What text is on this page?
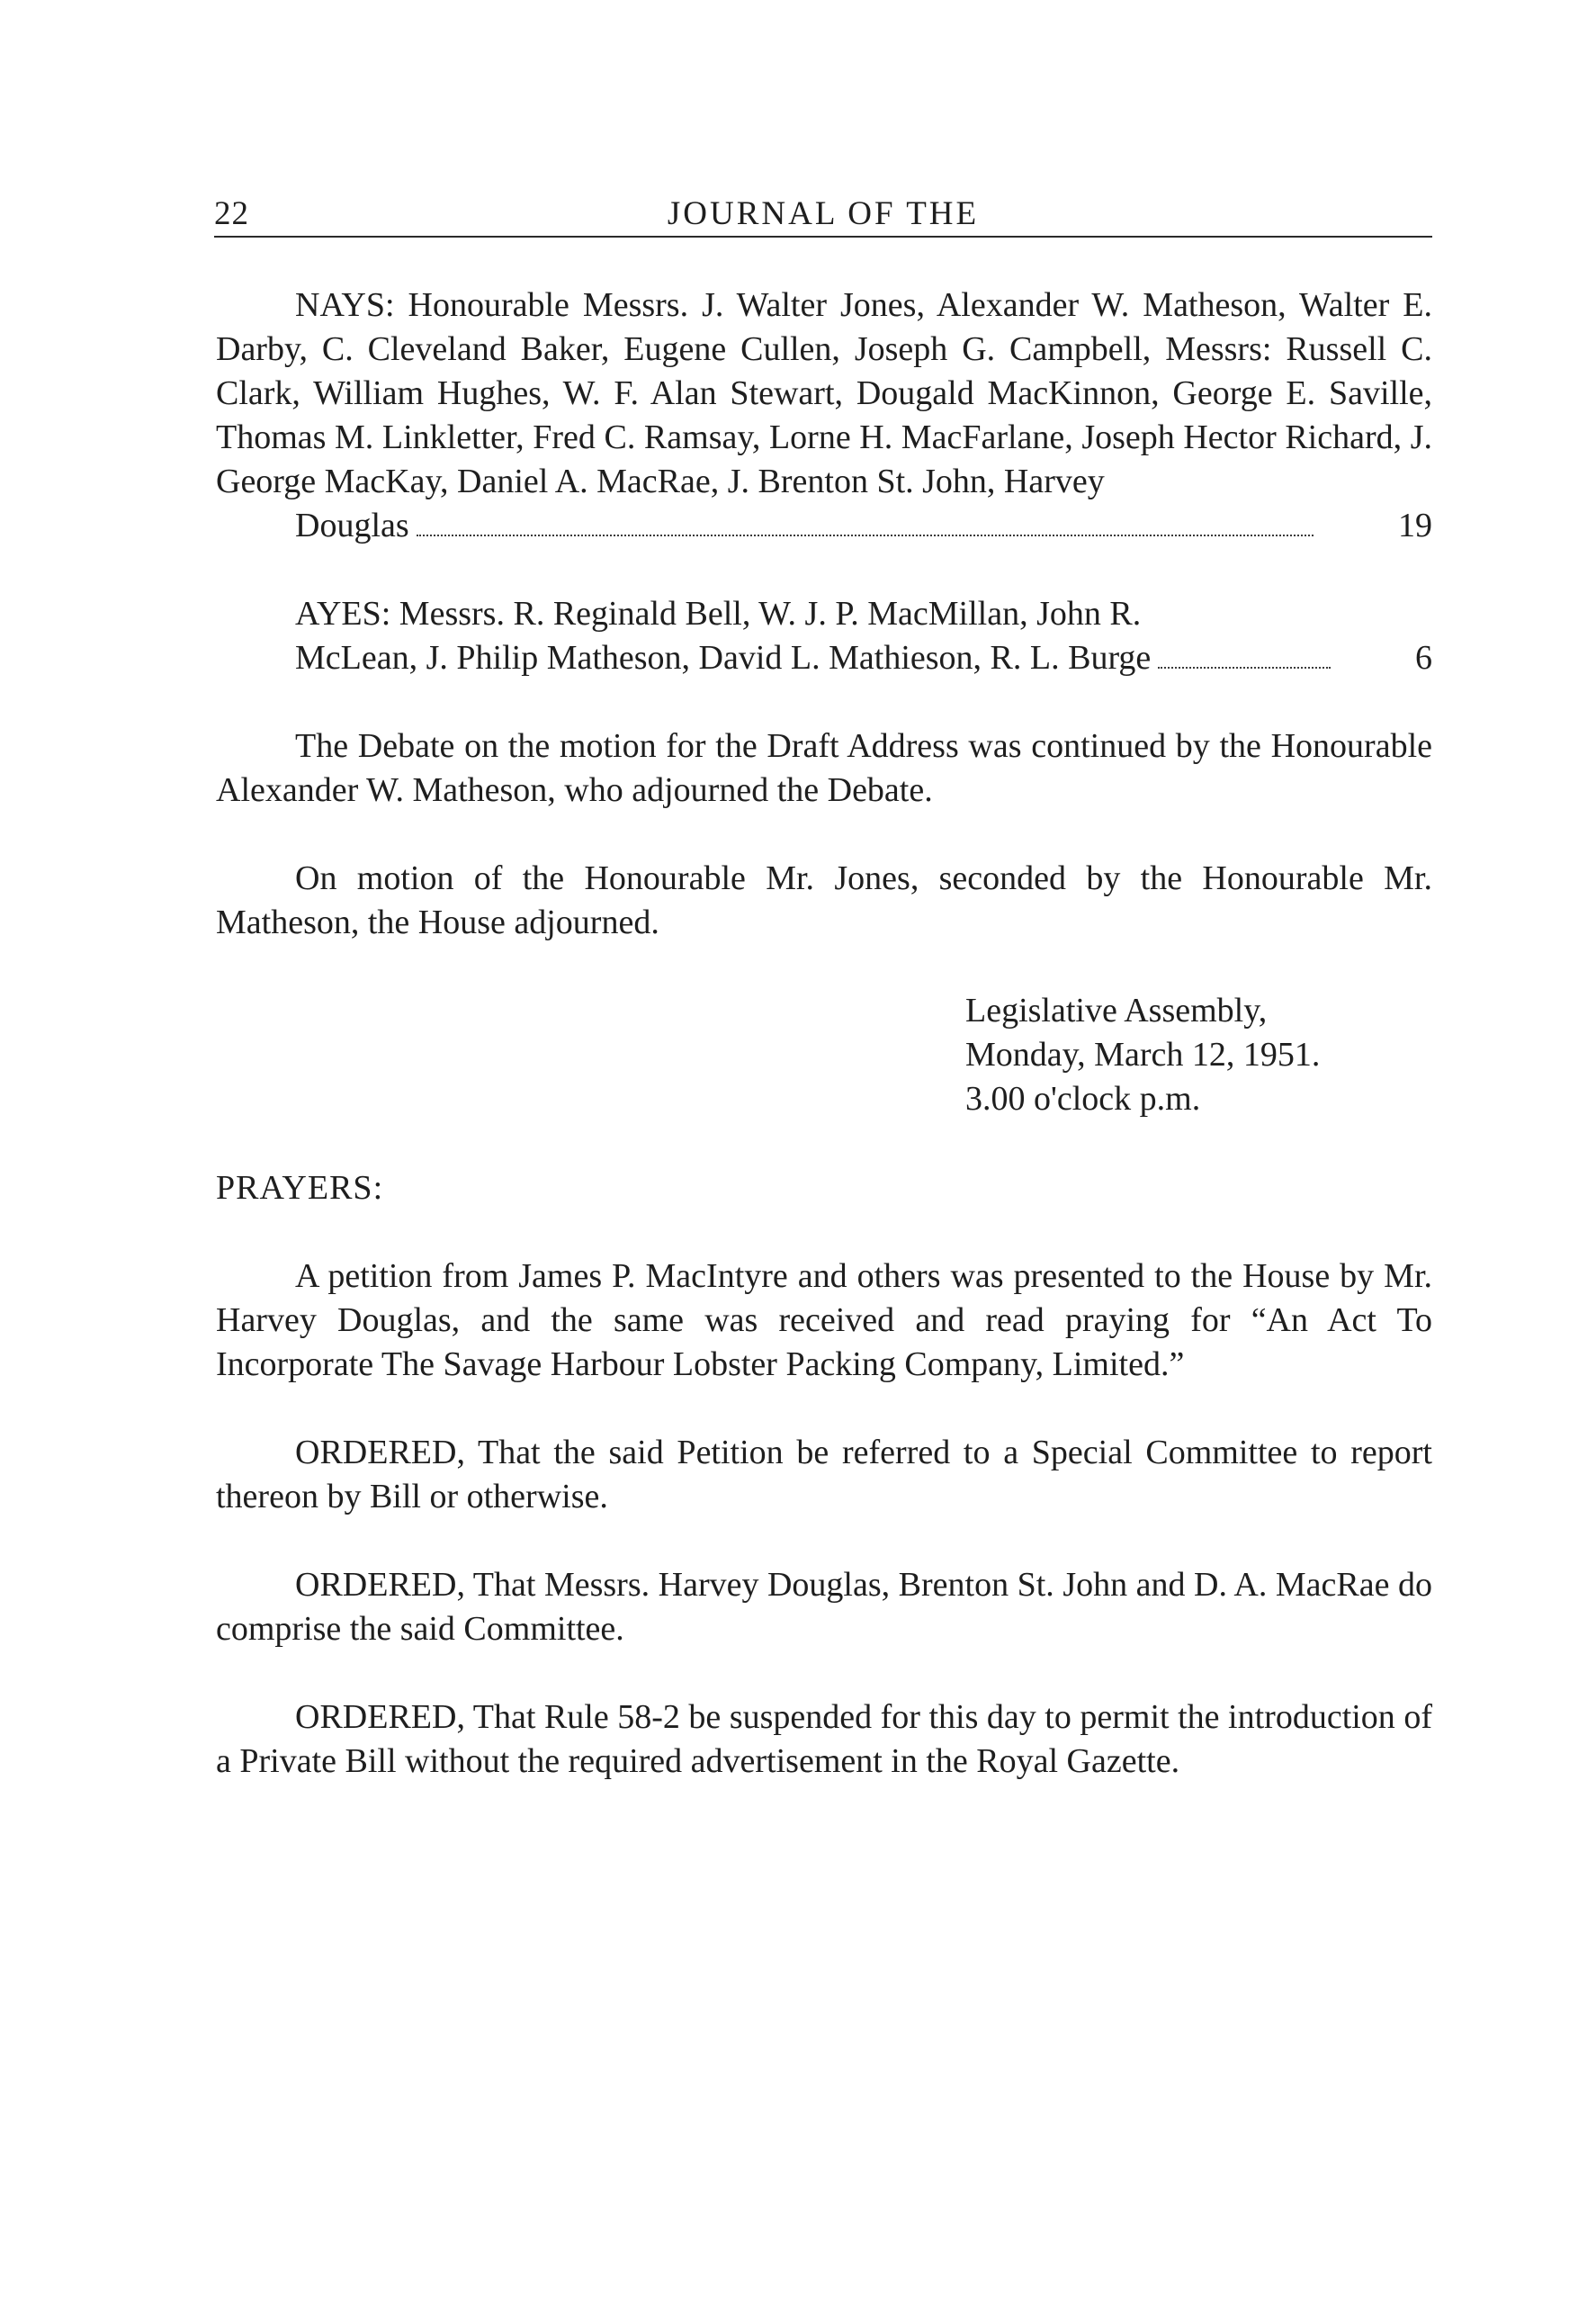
22	JOURNAL OF THE

NAYS: Honourable Messrs. J. Walter Jones, Alexander W. Matheson, Walter E. Darby, C. Cleveland Baker, Eugene Cullen, Joseph G. Campbell, Messrs: Russell C. Clark, William Hughes, W. F. Alan Stewart, Dougald MacKinnon, George E. Saville, Thomas M. Linkletter, Fred C. Ramsay, Lorne H. MacFarlane, Joseph Hector Richard, J. George MacKay, Daniel A. MacRae, J. Brenton St. John, Harvey

Douglas	19

AYES: Messrs. R. Reginald Bell, W. J. P. MacMillan, John R.

McLean, J. Philip Matheson, David L. Mathieson, R. L. Burge	6

The Debate on the motion for the Draft Address was continued by the Honourable Alexander W. Matheson, who adjourned the Debate.

On motion of the Honourable Mr. Jones, seconded by the Honourable Mr. Matheson, the House adjourned.

Legislative Assembly,
Monday, March 12, 1951.
3.00 o'clock p.m.

PRAYERS:

A petition from James P. MacIntyre and others was presented to the House by Mr. Harvey Douglas, and the same was received and read praying for “An Act To Incorporate The Savage Harbour Lobster Packing Company, Limited.”

ORDERED, That the said Petition be referred to a Special Committee to report thereon by Bill or otherwise.

ORDERED, That Messrs. Harvey Douglas, Brenton St. John and D. A. MacRae do comprise the said Committee.

ORDERED, That Rule 58-2 be suspended for this day to permit the introduction of a Private Bill without the required advertisement in the Royal Gazette.
